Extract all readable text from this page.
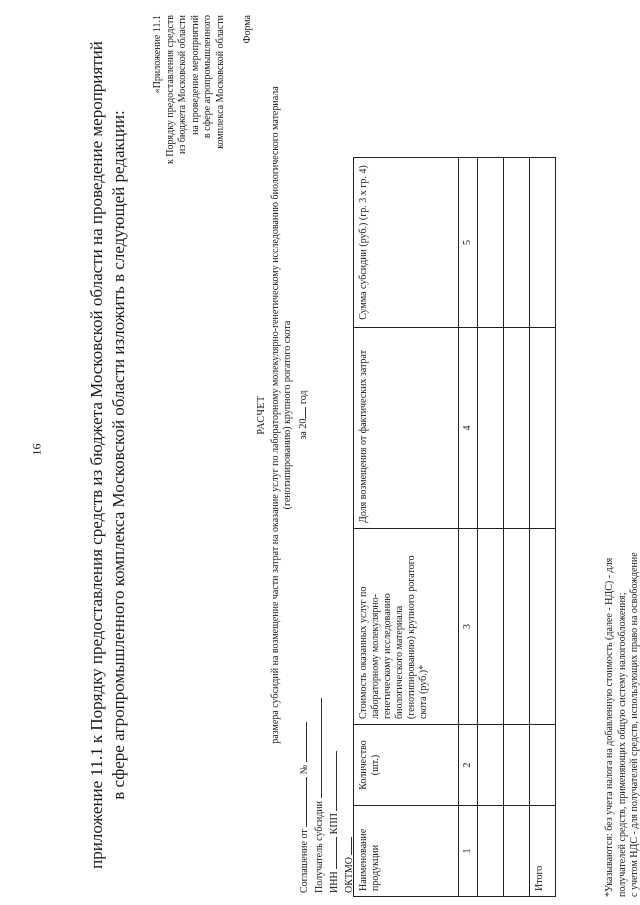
16	приложение 11.1 к Порядку предоставления средств из бюджета Московской области на проведение мероприятий в сфере агропромышленного комплекса Московской области изложить в следующей редакции:
«Приложение 11.1 к Порядку предоставления средств из бюджета Московской области на проведение мероприятий в сфере агропромышленного комплекса Московской области Форма
РАСЧЕТ размера субсидий на возмещение части затрат на оказание услуг по лабораторному молекулярно-генетическому исследованию биологического материала (генотипированию) крупного рогатого скота за 20 год
Соглашение от  №
Получатель субсидии ИНН  КПП
ОКТМО Наименование продукции	Количество (шт.)	Стоимость оказанных услуг по лабораторному молекулярно-генетическому исследованию биологического материала (генотипированию) крупного рогатого скота (руб.)*	Доля возмещения от фактических затрат	Сумма субсидии (руб.) (гр. 3 х гр. 4)
1	2	3	4	5

Итого					*Указываются: без учета налога на добавленную стоимость (далее - НДС) - для получателей средств, применяющих общую систему налогообложения; с учетом НДС - для получателей средств, использующих право на освобождение
